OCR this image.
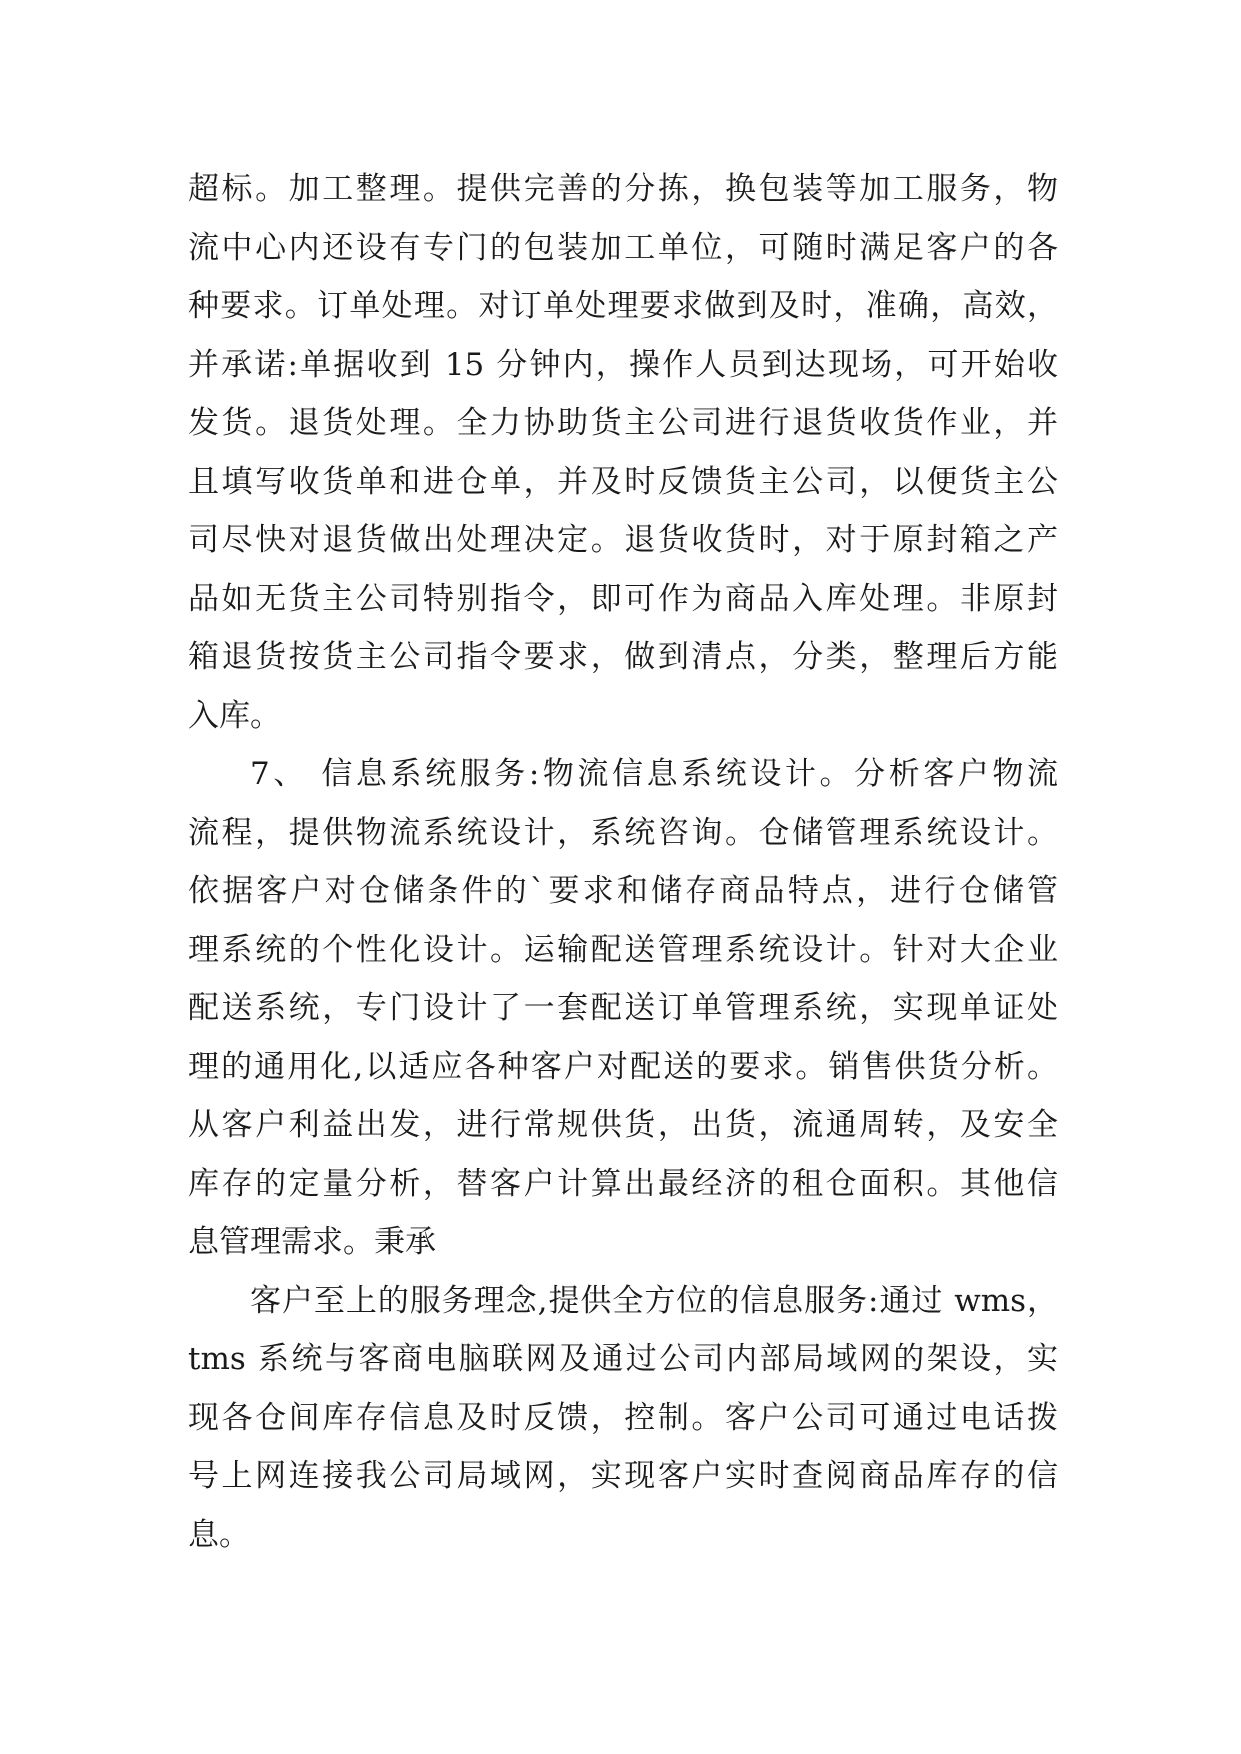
超标。加工整理。提供完善的分拣，换包装等加工服务，物
流中心内还设有专门的包装加工单位，可随时满足客户的各
种要求。订单处理。对订单处理要求做到及时，准确，高效，
并承诺:单据收到 15 分钟内，操作人员到达现场，可开始收
发货。退货处理。全力协助货主公司进行退货收货作业，并
且填写收货单和进仓单，并及时反馈货主公司，以便货主公
司尽快对退货做出处理决定。退货收货时，对于原封箱之产
品如无货主公司特别指令，即可作为商品入库处理。非原封
箱退货按货主公司指令要求，做到清点，分类，整理后方能
入库。
7、 信息系统服务:物流信息系统设计。分析客户物流
流程，提供物流系统设计，系统咨询。仓储管理系统设计。
依据客户对仓储条件的`要求和储存商品特点，进行仓储管
理系统的个性化设计。运输配送管理系统设计。针对大企业
配送系统，专门设计了一套配送订单管理系统，实现单证处
理的通用化,以适应各种客户对配送的要求。销售供货分析。
从客户利益出发，进行常规供货，出货，流通周转，及安全
库存的定量分析，替客户计算出最经济的租仓面积。其他信
息管理需求。秉承
客户至上的服务理念,提供全方位的信息服务:通过 wms，
tms 系统与客商电脑联网及通过公司内部局域网的架设，实
现各仓间库存信息及时反馈，控制。客户公司可通过电话拨
号上网连接我公司局域网，实现客户实时查阅商品库存的信
息。
